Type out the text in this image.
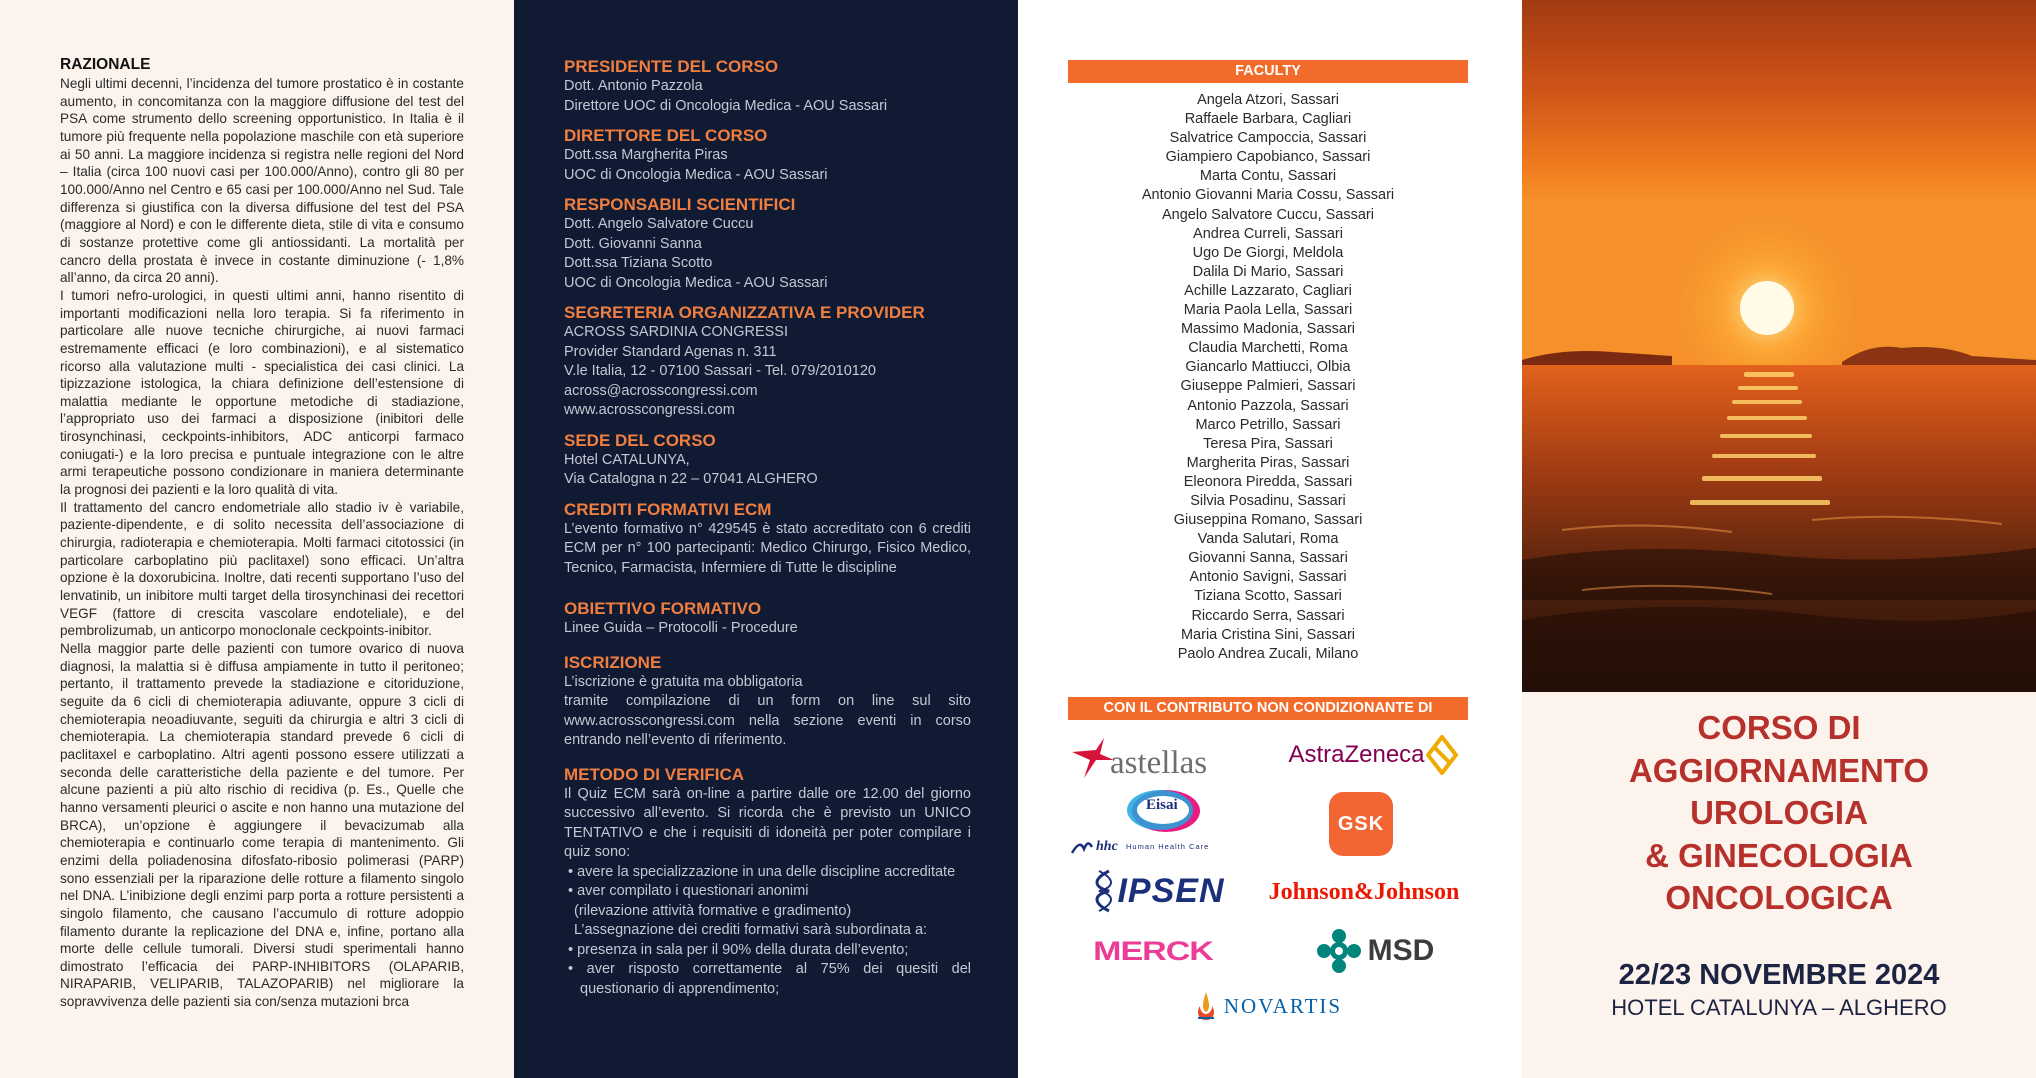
RAZIONALE

Negli ultimi decenni, l’incidenza del tumore prostatico è in costante aumento, in concomitanza con la maggiore diffusione del test del PSA come strumento dello screening opportunistico. In Italia è il tumore più frequente nella popolazione maschile con età superiore ai 50 anni. La maggiore incidenza si registra nelle regioni del Nord – Italia (circa 100 nuovi casi per 100.000/Anno), contro gli 80 per 100.000/Anno nel Centro e 65 casi per 100.000/Anno nel Sud. Tale differenza si giustifica con la diversa diffusione del test del PSA (maggiore al Nord) e con le differente dieta, stile di vita e consumo di sostanze protettive come gli antiossidanti. La mortalità per cancro della prostata è invece in costante diminuzione (- 1,8% all’anno, da circa 20 anni).

I tumori nefro-urologici, in questi ultimi anni, hanno risentito di importanti modificazioni nella loro terapia. Si fa riferimento in particolare alle nuove tecniche chirurgiche, ai nuovi farmaci estremamente efficaci (e loro combinazioni), e al sistematico ricorso alla valutazione multi - specialistica dei casi clinici. La tipizzazione istologica, la chiara definizione dell’estensione di malattia mediante le opportune metodiche di stadiazione, l’appropriato uso dei farmaci a disposizione (inibitori delle tirosynchinasi, ceckpoints-inhibitors, ADC anticorpi farmaco coniugati-) e la loro precisa e puntuale integrazione con le altre armi terapeutiche possono condizionare in maniera determinante la prognosi dei pazienti e la loro qualità di vita.

Il trattamento del cancro endometriale allo stadio iv è variabile, paziente-dipendente, e di solito necessita dell’associazione di chirurgia, radioterapia e chemioterapia. Molti farmaci citotossici (in particolare carboplatino più paclitaxel) sono efficaci. Un’altra opzione è la doxorubicina. Inoltre, dati recenti supportano l’uso del lenvatinib, un inibitore multi target della tirosynchinasi dei recettori VEGF (fattore di crescita vascolare endoteliale), e del pembrolizumab, un anticorpo monoclonale ceckpoints-inibitor.

Nella maggior parte delle pazienti con tumore ovarico di nuova diagnosi, la malattia si è diffusa ampiamente in tutto il peritoneo; pertanto, il trattamento prevede la stadiazione e citoriduzione, seguite da 6 cicli di chemioterapia adiuvante, oppure 3 cicli di chemioterapia neoadiuvante, seguiti da chirurgia e altri 3 cicli di chemioterapia. La chemioterapia standard prevede 6 cicli di paclitaxel e carboplatino. Altri agenti possono essere utilizzati a seconda delle caratteristiche della paziente e del tumore. Per alcune pazienti a più alto rischio di recidiva (p. Es., Quelle che hanno versamenti pleurici o ascite e non hanno una mutazione del BRCA), un’opzione è aggiungere il bevacizumab alla chemioterapia e continuarlo come terapia di mantenimento. Gli enzimi della poliadenosina difosfato-ribosio polimerasi (PARP) sono essenziali per la riparazione delle rotture a filamento singolo nel DNA. L’inibizione degli enzimi parp porta a rotture persistenti a singolo filamento, che causano l’accumulo di rotture adoppio filamento durante la replicazione del DNA e, infine, portano alla morte delle cellule tumorali. Diversi studi sperimentali hanno dimostrato l’efficacia dei PARP-INHIBITORS (OLAPARIB, NIRAPARIB, VELIPARIB, TALAZOPARIB) nel migliorare la sopravvivenza delle pazienti sia con/senza mutazioni brca

PRESIDENTE DEL CORSO
Dott. Antonio Pazzola
Direttore UOC di Oncologia Medica - AOU Sassari
DIRETTORE DEL CORSO
Dott.ssa Margherita Piras
UOC di Oncologia Medica - AOU Sassari
RESPONSABILI SCIENTIFICI
Dott. Angelo Salvatore Cuccu
Dott. Giovanni Sanna
Dott.ssa Tiziana Scotto
UOC di Oncologia Medica - AOU Sassari
SEGRETERIA ORGANIZZATIVA E PROVIDER
ACROSS SARDINIA CONGRESSI
Provider Standard Agenas n. 311
V.le Italia, 12 - 07100 Sassari - Tel. 079/2010120
across@acrosscongressi.com
www.acrosscongressi.com
SEDE DEL CORSO
Hotel CATALUNYA,
Via Catalogna n 22 – 07041 ALGHERO
CREDITI FORMATIVI ECM
L’evento formativo n° 429545 è stato accreditato con 6 crediti ECM per n° 100 partecipanti: Medico Chirurgo, Fisico Medico, Tecnico, Farmacista, Infermiere di Tutte le discipline
OBIETTIVO FORMATIVO
Linee Guida – Protocolli - Procedure
ISCRIZIONE
L’iscrizione è gratuita ma obbligatoria
tramite compilazione di un form on line sul sito www.acrosscongressi.com nella sezione eventi in corso entrando nell’evento di riferimento.
METODO DI VERIFICA
Il Quiz ECM sarà on-line a partire dalle ore 12.00 del giorno successivo all’evento. Si ricorda che è previsto un UNICO TENTATIVO e che i requisiti di idoneità per poter compilare i quiz sono:
• avere la specializzazione in una delle discipline accreditate
• aver compilato i questionari anonimi
(rilevazione attività formative e gradimento)
L’assegnazione dei crediti formativi sarà subordinata a:
• presenza in sala per il 90% della durata dell’evento;
• aver risposto correttamente al 75% dei quesiti del questionario di apprendimento;
FACULTY
Angela Atzori, Sassari
Raffaele Barbara, Cagliari
Salvatrice Campoccia, Sassari
Giampiero Capobianco, Sassari
Marta Contu, Sassari
Antonio Giovanni Maria Cossu, Sassari
Angelo Salvatore Cuccu, Sassari
Andrea Curreli, Sassari
Ugo De Giorgi, Meldola
Dalila Di Mario, Sassari
Achille Lazzarato, Cagliari
Maria Paola Lella, Sassari
Massimo Madonia, Sassari
Claudia Marchetti, Roma
Giancarlo Mattiucci, Olbia
Giuseppe Palmieri, Sassari
Antonio Pazzola, Sassari
Marco Petrillo, Sassari
Teresa Pira, Sassari
Margherita Piras, Sassari
Eleonora Piredda, Sassari
Silvia Posadinu, Sassari
Giuseppina Romano, Sassari
Vanda Salutari, Roma
Giovanni Sanna, Sassari
Antonio Savigni, Sassari
Tiziana Scotto, Sassari
Riccardo Serra, Sassari
Maria Cristina Sini, Sassari
Paolo Andrea Zucali, Milano
CON IL CONTRIBUTO NON CONDIZIONANTE DI
astellas	AstraZeneca
Eisai
hhc Human Health Care
GSK
IPSEN Johnson&Johnson
MERCK	MSD
NOVARTIS
CORSO DI
AGGIORNAMENTO
UROLOGIA
& GINECOLOGIA
ONCOLOGICA
22/23 NOVEMBRE 2024
HOTEL CATALUNYA – ALGHERO
